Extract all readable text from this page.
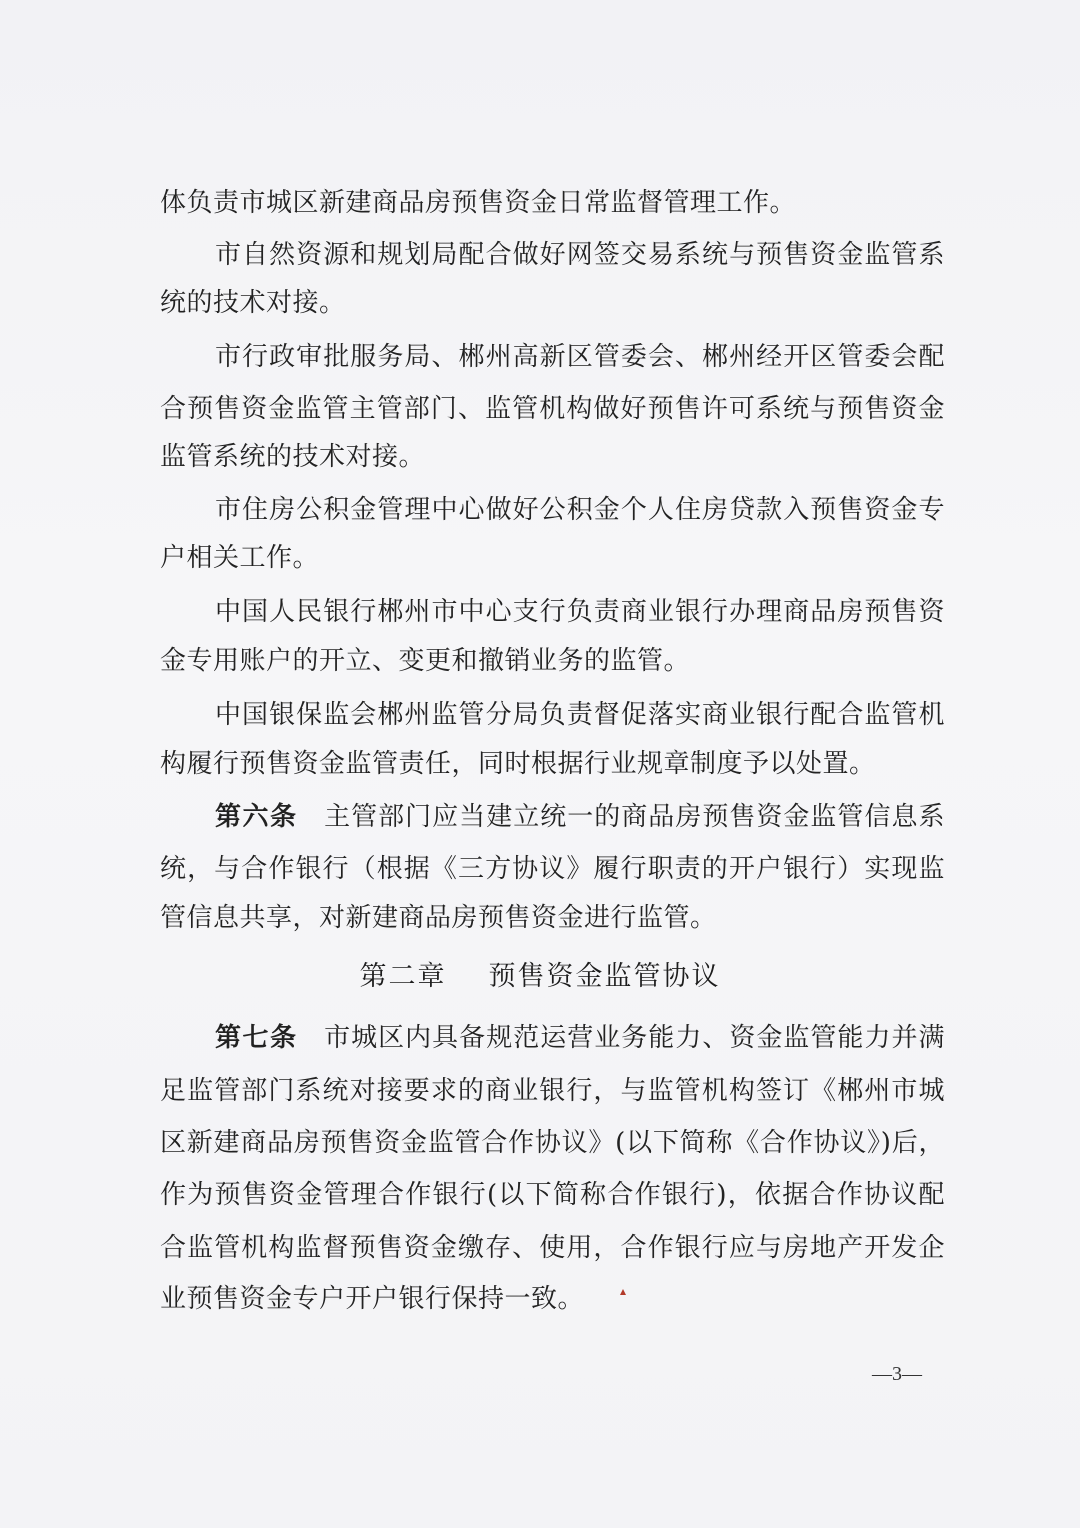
体负责市城区新建商品房预售资金日常监督管理工作。
市自然资源和规划局配合做好网签交易系统与预售资金监管系
统的技术对接。
市行政审批服务局、郴州高新区管委会、郴州经开区管委会配
合预售资金监管主管部门、监管机构做好预售许可系统与预售资金
监管系统的技术对接。
市住房公积金管理中心做好公积金个人住房贷款入预售资金专
户相关工作。
中国人民银行郴州市中心支行负责商业银行办理商品房预售资
金专用账户的开立、变更和撤销业务的监管。
中国银保监会郴州监管分局负责督促落实商业银行配合监管机
构履行预售资金监管责任，同时根据行业规章制度予以处置。
第六条 主管部门应当建立统一的商品房预售资金监管信息系
统，与合作银行（根据《三方协议》履行职责的开户银行）实现监
管信息共享，对新建商品房预售资金进行监管。
第二章 预售资金监管协议
第七条 市城区内具备规范运营业务能力、资金监管能力并满
足监管部门系统对接要求的商业银行，与监管机构签订《郴州市城
区新建商品房预售资金监管合作协议》(以下简称《合作协议》)后，
作为预售资金管理合作银行(以下简称合作银行)，依据合作协议配
合监管机构监督预售资金缴存、使用，合作银行应与房地产开发企
业预售资金专户开户银行保持一致。
—3—
